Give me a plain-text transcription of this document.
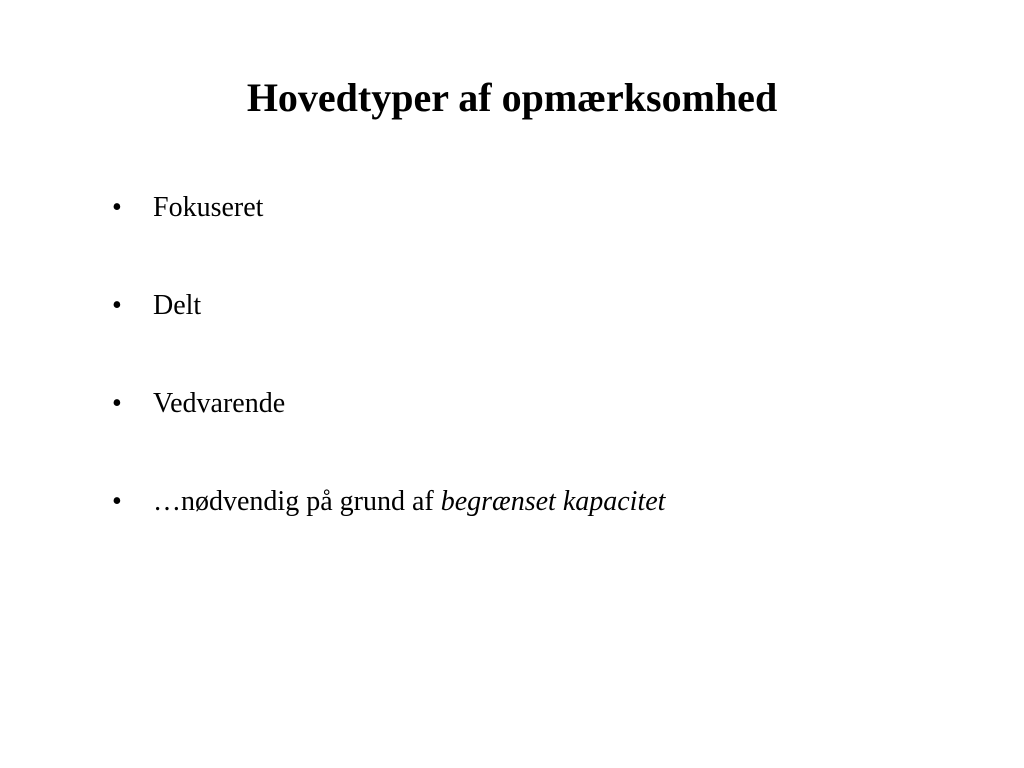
Hovedtyper af opmærksomhed
•	Fokuseret
•	Delt
•	Vedvarende
•	…nødvendig på grund af begrænset kapacitet
